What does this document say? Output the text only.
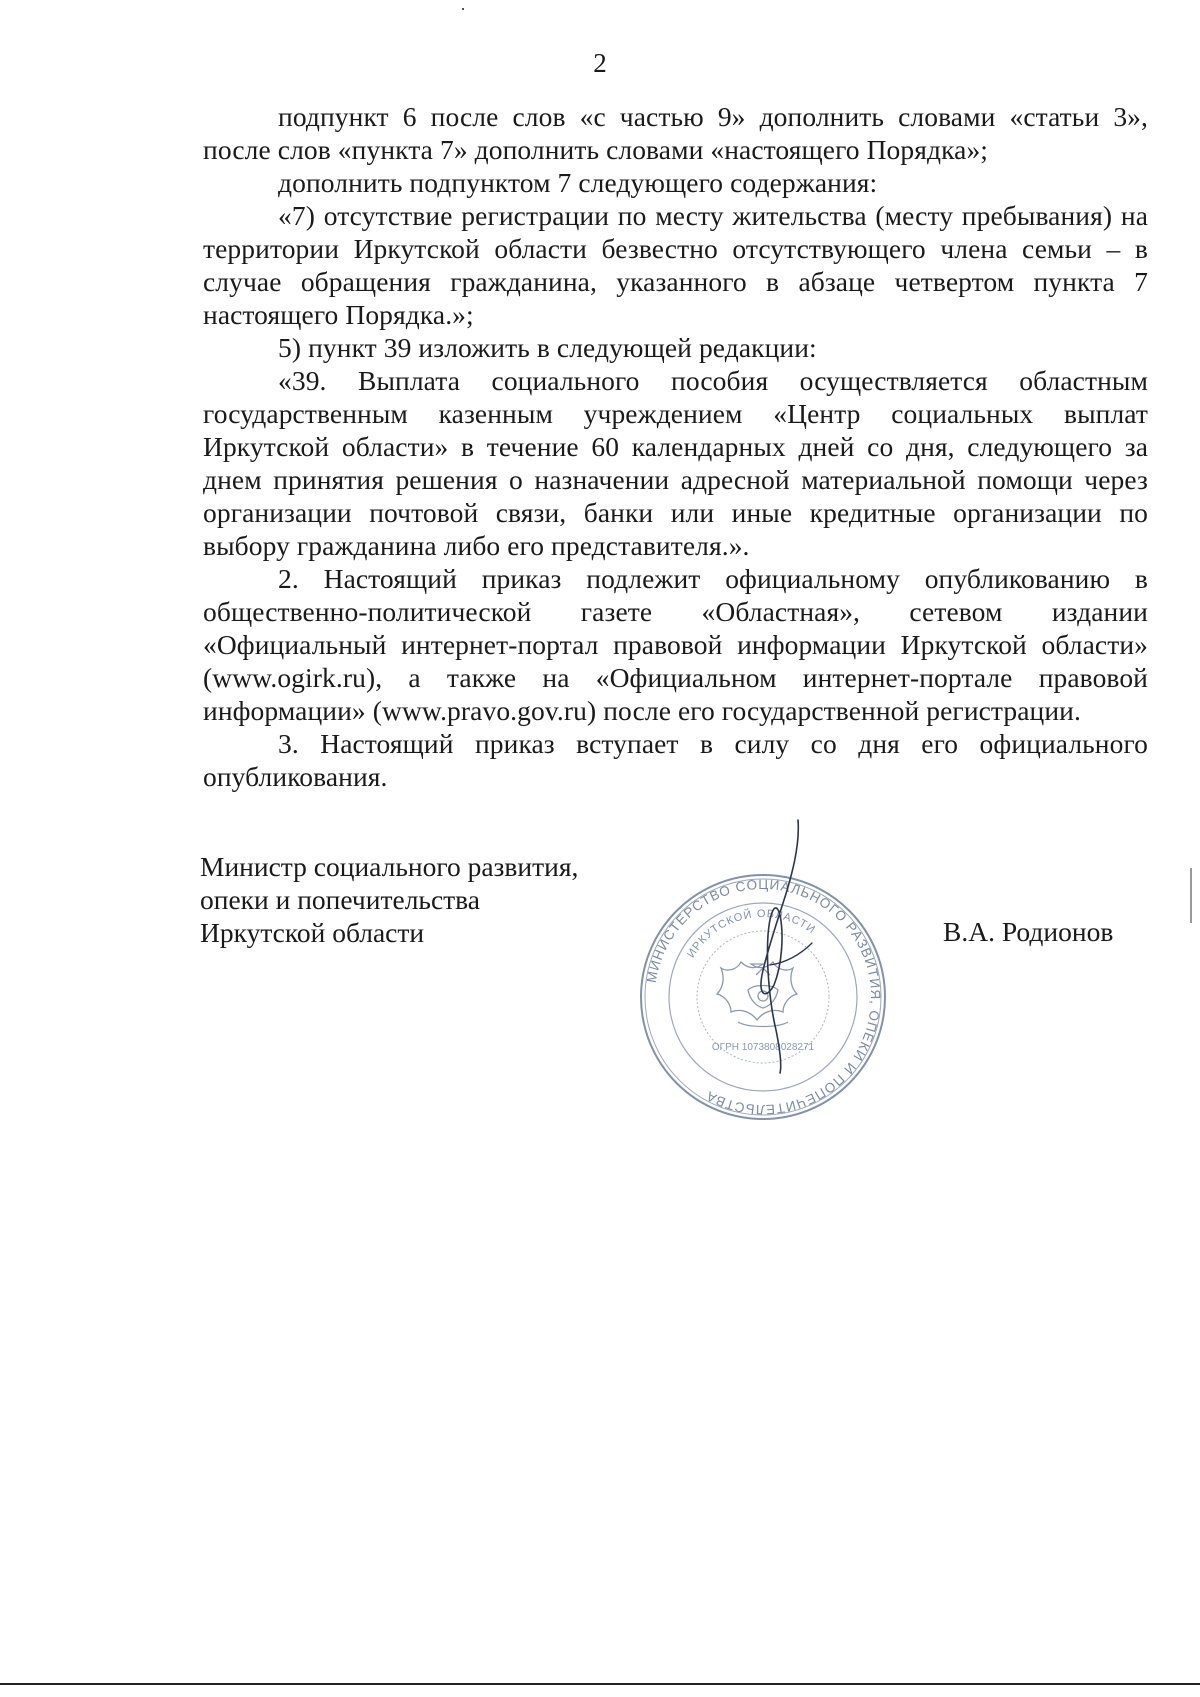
2

подпункт 6 после слов «с частью 9» дополнить словами «статьи 3», после слов «пункта 7» дополнить словами «настоящего Порядка»;

дополнить подпунктом 7 следующего содержания:

«7) отсутствие регистрации по месту жительства (месту пребывания) на территории Иркутской области безвестно отсутствующего члена семьи – в случае обращения гражданина, указанного в абзаце четвертом пункта 7 настоящего Порядка.»;

5) пункт 39 изложить в следующей редакции:

«39. Выплата социального пособия осуществляется областным государственным казенным учреждением «Центр социальных выплат Иркутской области» в течение 60 календарных дней со дня, следующего за днем принятия решения о назначении адресной материальной помощи через организации почтовой связи, банки или иные кредитные организации по выбору гражданина либо его представителя.».

2. Настоящий приказ подлежит официальному опубликованию в общественно-политической газете «Областная», сетевом издании «Официальный интернет-портал правовой информации Иркутской области» (www.ogirk.ru), а также на «Официальном интернет-портале правовой информации» (www.pravo.gov.ru) после его государственной регистрации.

3. Настоящий приказ вступает в силу со дня его официального опубликования.

Министр социального развития,
опеки и попечительства
Иркутской области
МИНИСТЕРСТВО СОЦИАЛЬНОГО РАЗВИТИЯ, ОПЕКИ И ПОПЕЧИТЕЛЬСТВА
ИРКУТСКОЙ ОБЛАСТИ
ОГРН 1073808028271
В.А. Родионов
